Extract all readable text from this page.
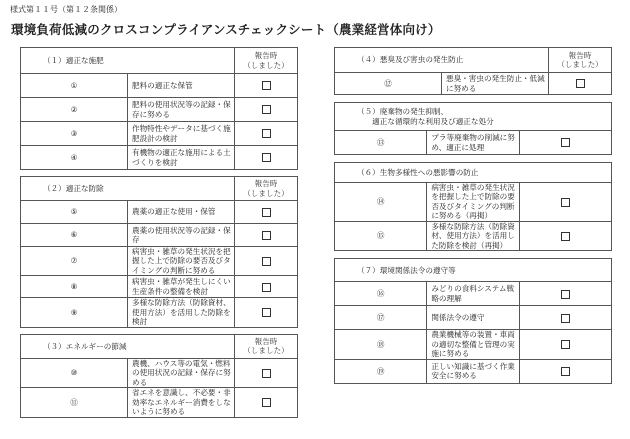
様式第１１号（第１２条関係）
環境負荷低減のクロスコンプライアンスチェックシート（農業経営体向け）
（１）適正な施肥		報告時
（しました）
①	肥料の適正な保管	
②	肥料の使用状況等の記録・保存に努める	
③	作物特性やデータに基づく施肥設計の検討	
④	有機物の適正な施用による土づくりを検討	
（２）適正な防除		報告時
（しました）
⑤	農薬の適正な使用・保管	
⑥	農薬の使用状況等の記録・保存	
⑦	病害虫・雑草の発生状況を把握した上で防除の要否及びタイミングの判断に努める	
⑧	病害虫・雑草が発生しにくい生産条件の整備を検討	
⑨	多様な防除方法（防除資材、使用方法）を活用した防除を検討	
（３）エネルギーの節減		報告時
（しました）
⑩	農機、ハウス等の電気・燃料の使用状況の記録・保存に努める	
⑪	省エネを意識し、不必要・非効率なエネルギー消費をしないように努める	
（４）悪臭及び害虫の発生防止		報告時
（しました）
⑫	悪臭・害虫の発生防止・低減に努める	
（５）廃棄物の発生抑制、
　　適正な循環的な利用及び適正な処分
⑬	プラ等廃棄物の削減に努め、適正に処理	
（６）生物多様性への悪影響の防止		
⑭	病害虫・雑草の発生状況を把握した上で防除の要否及びタイミングの判断に努める（再掲）	
⑮	多様な防除方法（防除資材、使用方法）を活用した防除を検討（再掲）	
（７）環境関係法令の遵守等		
⑯	みどりの食料システム戦略の理解	
⑰	関係法令の遵守	
⑱	農業機械等の装置・車両の適切な整備と管理の実施に努める	
⑲	正しい知識に基づく作業安全に努める	
